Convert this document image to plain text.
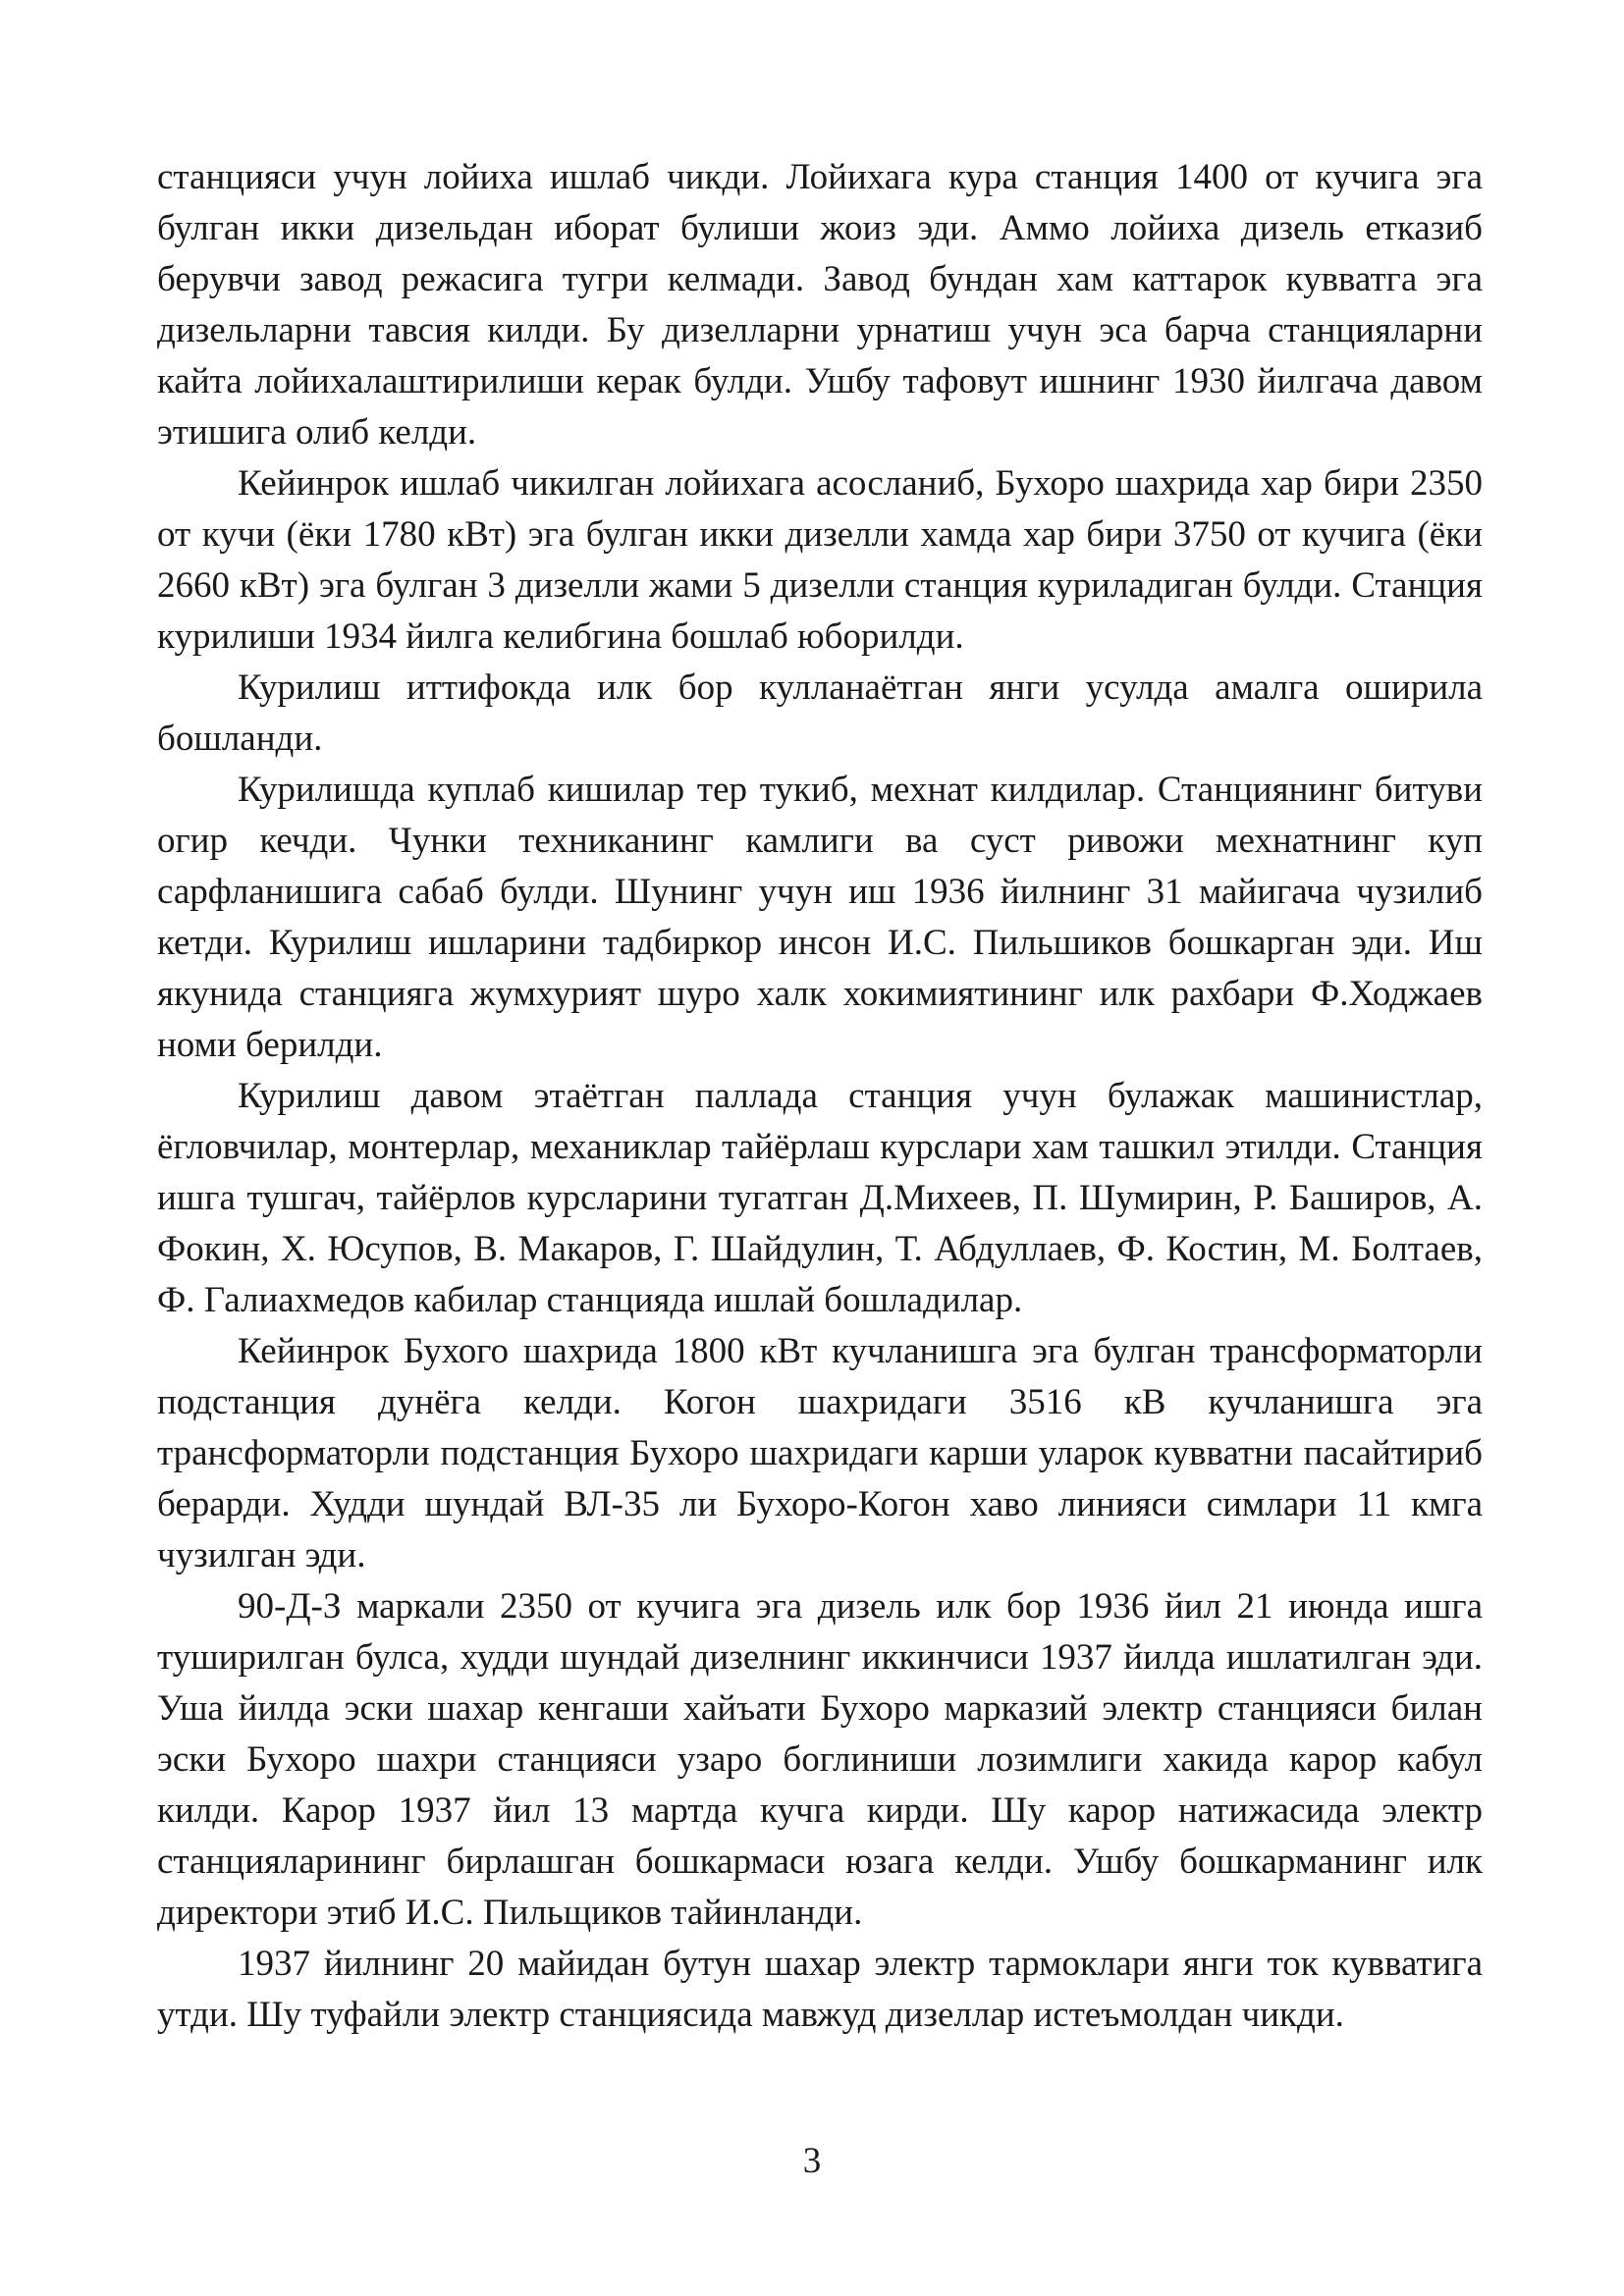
станцияси учун лойиха ишлаб чикди. Лойихага кура станция 1400 от кучига эга булган икки дизельдан иборат булиши жоиз эди. Аммо лойиха дизель етказиб берувчи завод режасига тугри келмади. Завод бундан хам каттарок кувватга эга дизельларни тавсия килди. Бу дизелларни урнатиш учун эса барча станцияларни кайта лойихалаштирилиши керак булди. Ушбу тафовут ишнинг 1930 йилгача давом этишига олиб келди.

Кейинрок ишлаб чикилган лойихага асосланиб, Бухоро шахрида хар бири 2350 от кучи (ёки 1780 кВт) эга булган икки дизелли хамда хар бири 3750 от кучига (ёки 2660 кВт) эга булган 3 дизелли жами 5 дизелли станция куриладиган булди. Станция курилиши 1934 йилга келибгина бошлаб юборилди.

Курилиш иттифокда илк бор кулланаётган янги усулда амалга оширила бошланди.

Курилишда куплаб кишилар тер тукиб, мехнат килдилар. Станциянинг битуви огир кечди. Чунки техниканинг камлиги ва суст ривожи мехнатнинг куп сарфланишига сабаб булди. Шунинг учун иш 1936 йилнинг 31 майигача чузилиб кетди. Курилиш ишларини тадбиркор инсон И.С. Пильшиков бошкарган эди. Иш якунида станцияга жумхурият шуро халк хокимиятининг илк рахбари Ф.Ходжаев номи берилди.

Курилиш давом этаётган паллада станция учун булажак машинистлар, ёгловчилар, монтерлар, механиклар тайёрлаш курслари хам ташкил этилди. Станция ишга тушгач, тайёрлов курсларини тугатган Д.Михеев, П. Шумирин, Р. Баширов, А. Фокин, Х. Юсупов, В. Макаров, Г. Шайдулин, Т. Абдуллаев, Ф. Костин, М. Болтаев, Ф. Галиахмедов кабилар станцияда ишлай бошладилар.

Кейинрок Бухого шахрида 1800 кВт кучланишга эга булган трансформаторли подстанция дунёга келди. Когон шахридаги 3516 кВ кучланишга эга трансформаторли подстанция Бухоро шахридаги карши уларок кувватни пасайтириб берарди. Худди шундай ВЛ-35 ли Бухоро-Когон хаво линияси симлари 11 кмга чузилган эди.

90-Д-З маркали 2350 от кучига эга дизель илк бор 1936 йил 21 июнда ишга туширилган булса, худди шундай дизелнинг иккинчиси 1937 йилда ишлатилган эди. Уша йилда эски шахар кенгаши хайъати Бухоро марказий электр станцияси билан эски Бухоро шахри станцияси узаро боглиниши лозимлиги хакида карор кабул килди. Карор 1937 йил 13 мартда кучга кирди. Шу карор натижасида электр станцияларининг бирлашган бошкармаси юзага келди. Ушбу бошкарманинг илк директори этиб И.С. Пильщиков тайинланди.

1937 йилнинг 20 майидан бутун шахар электр тармоклари янги ток кувватига утди. Шу туфайли электр станциясида мавжуд дизеллар истеъмолдан чикди.

3
